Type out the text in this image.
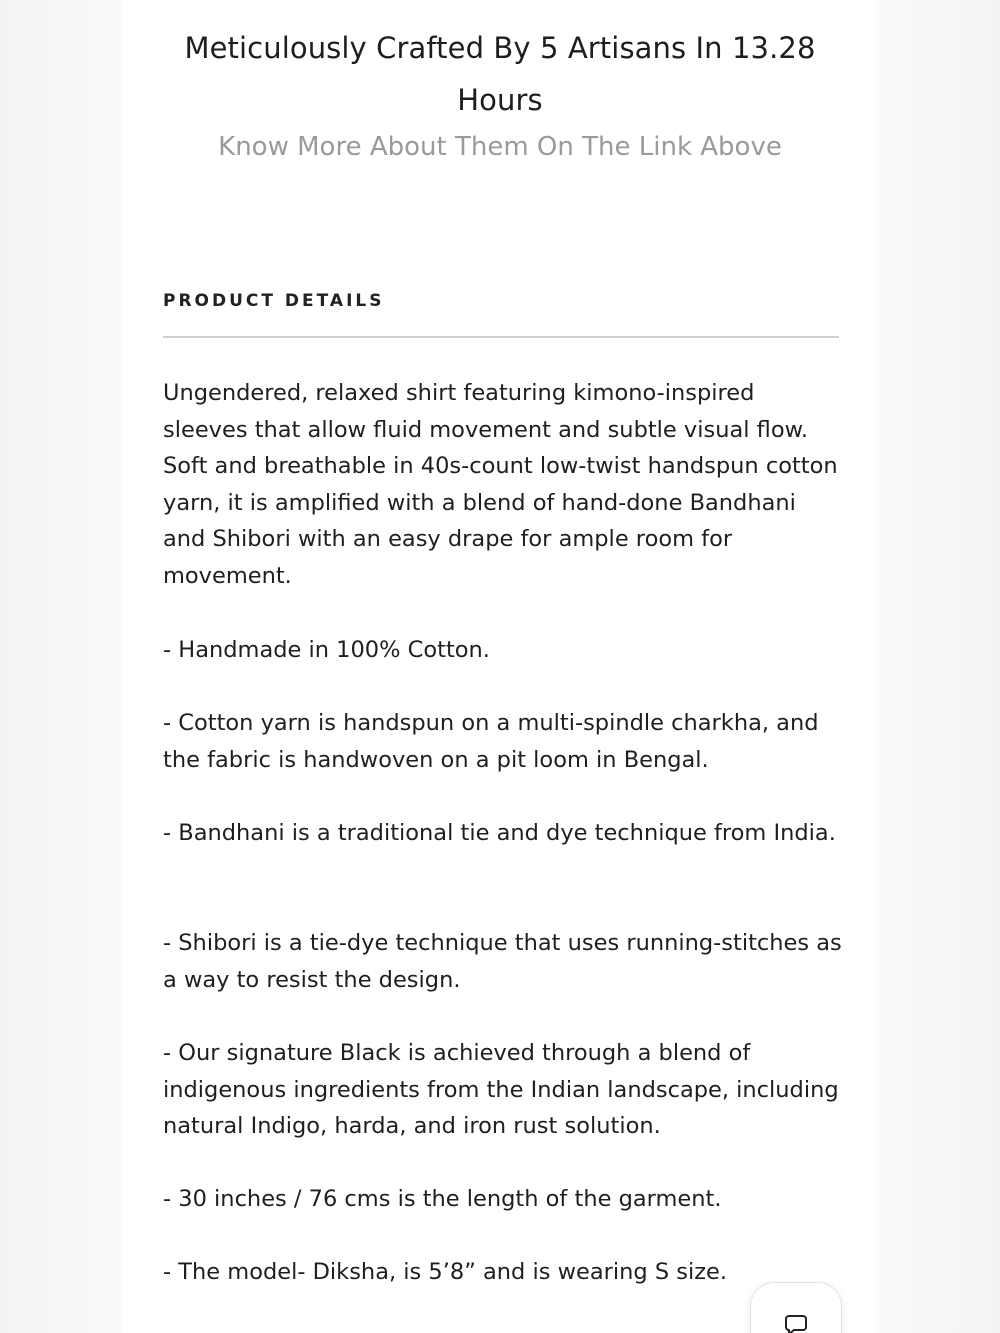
Meticulously Crafted By 5 Artisans In 13.28
Hours
Know More About Them On The Link Above
PRODUCT DETAILS

Ungendered, relaxed shirt featuring kimono-inspired sleeves that allow fluid movement and subtle visual flow. Soft and breathable in 40s-count low-twist handspun cotton yarn, it is amplified with a blend of hand-done Bandhani and Shibori with an easy drape for ample room for movement.

- Handmade in 100% Cotton.

- Cotton yarn is handspun on a multi-spindle charkha, and the fabric is handwoven on a pit loom in Bengal.

- Bandhani is a traditional tie and dye technique from India.

- Shibori is a tie-dye technique that uses running-stitches as a way to resist the design.

- Our signature Black is achieved through a blend of indigenous ingredients from the Indian landscape, including natural Indigo, harda, and iron rust solution.

- 30 inches / 76 cms is the length of the garment.

- The model- Diksha, is 5’8” and is wearing S size.
